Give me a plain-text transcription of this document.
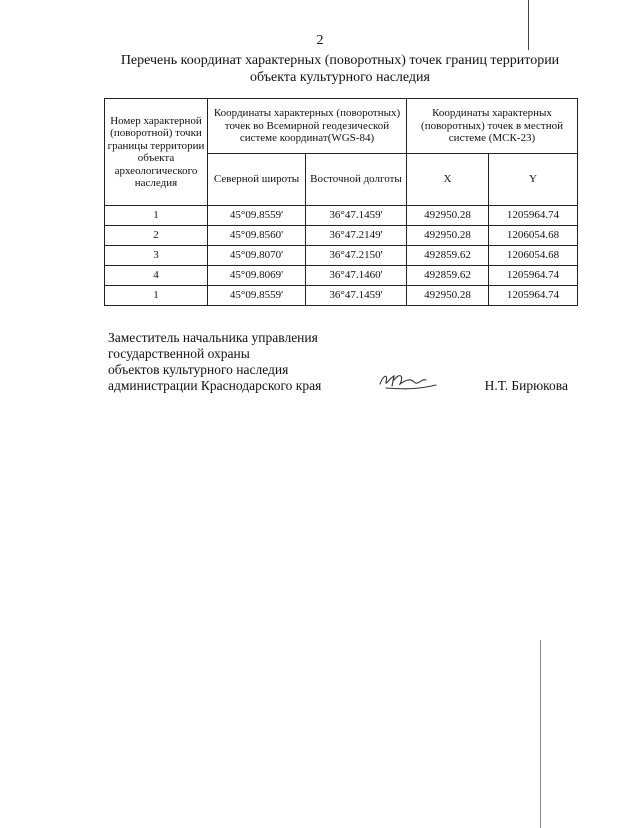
2
Перечень координат характерных (поворотных) точек границ территории объекта культурного наследия
Номер характерной (поворотной) точки границы территории объекта археологического наследия	Координаты характерных (поворотных) точек во Всемирной геодезической системе координат(WGS-84)		Координаты характерных (поворотных) точек в местной системе (МСК-23)	
	Северной широты	Восточной долготы	X	Y
1	45°09.8559'	36°47.1459'	492950.28	1205964.74
2	45°09.8560'	36°47.2149'	492950.28	1206054.68
3	45°09.8070'	36°47.2150'	492859.62	1206054.68
4	45°09.8069'	36°47.1460'	492859.62	1205964.74
1	45°09.8559'	36°47.1459'	492950.28	1205964.74
Заместитель начальника управления
государственной охраны
объектов культурного наследия
администрации Краснодарского края	Н.Т. Бирюкова
